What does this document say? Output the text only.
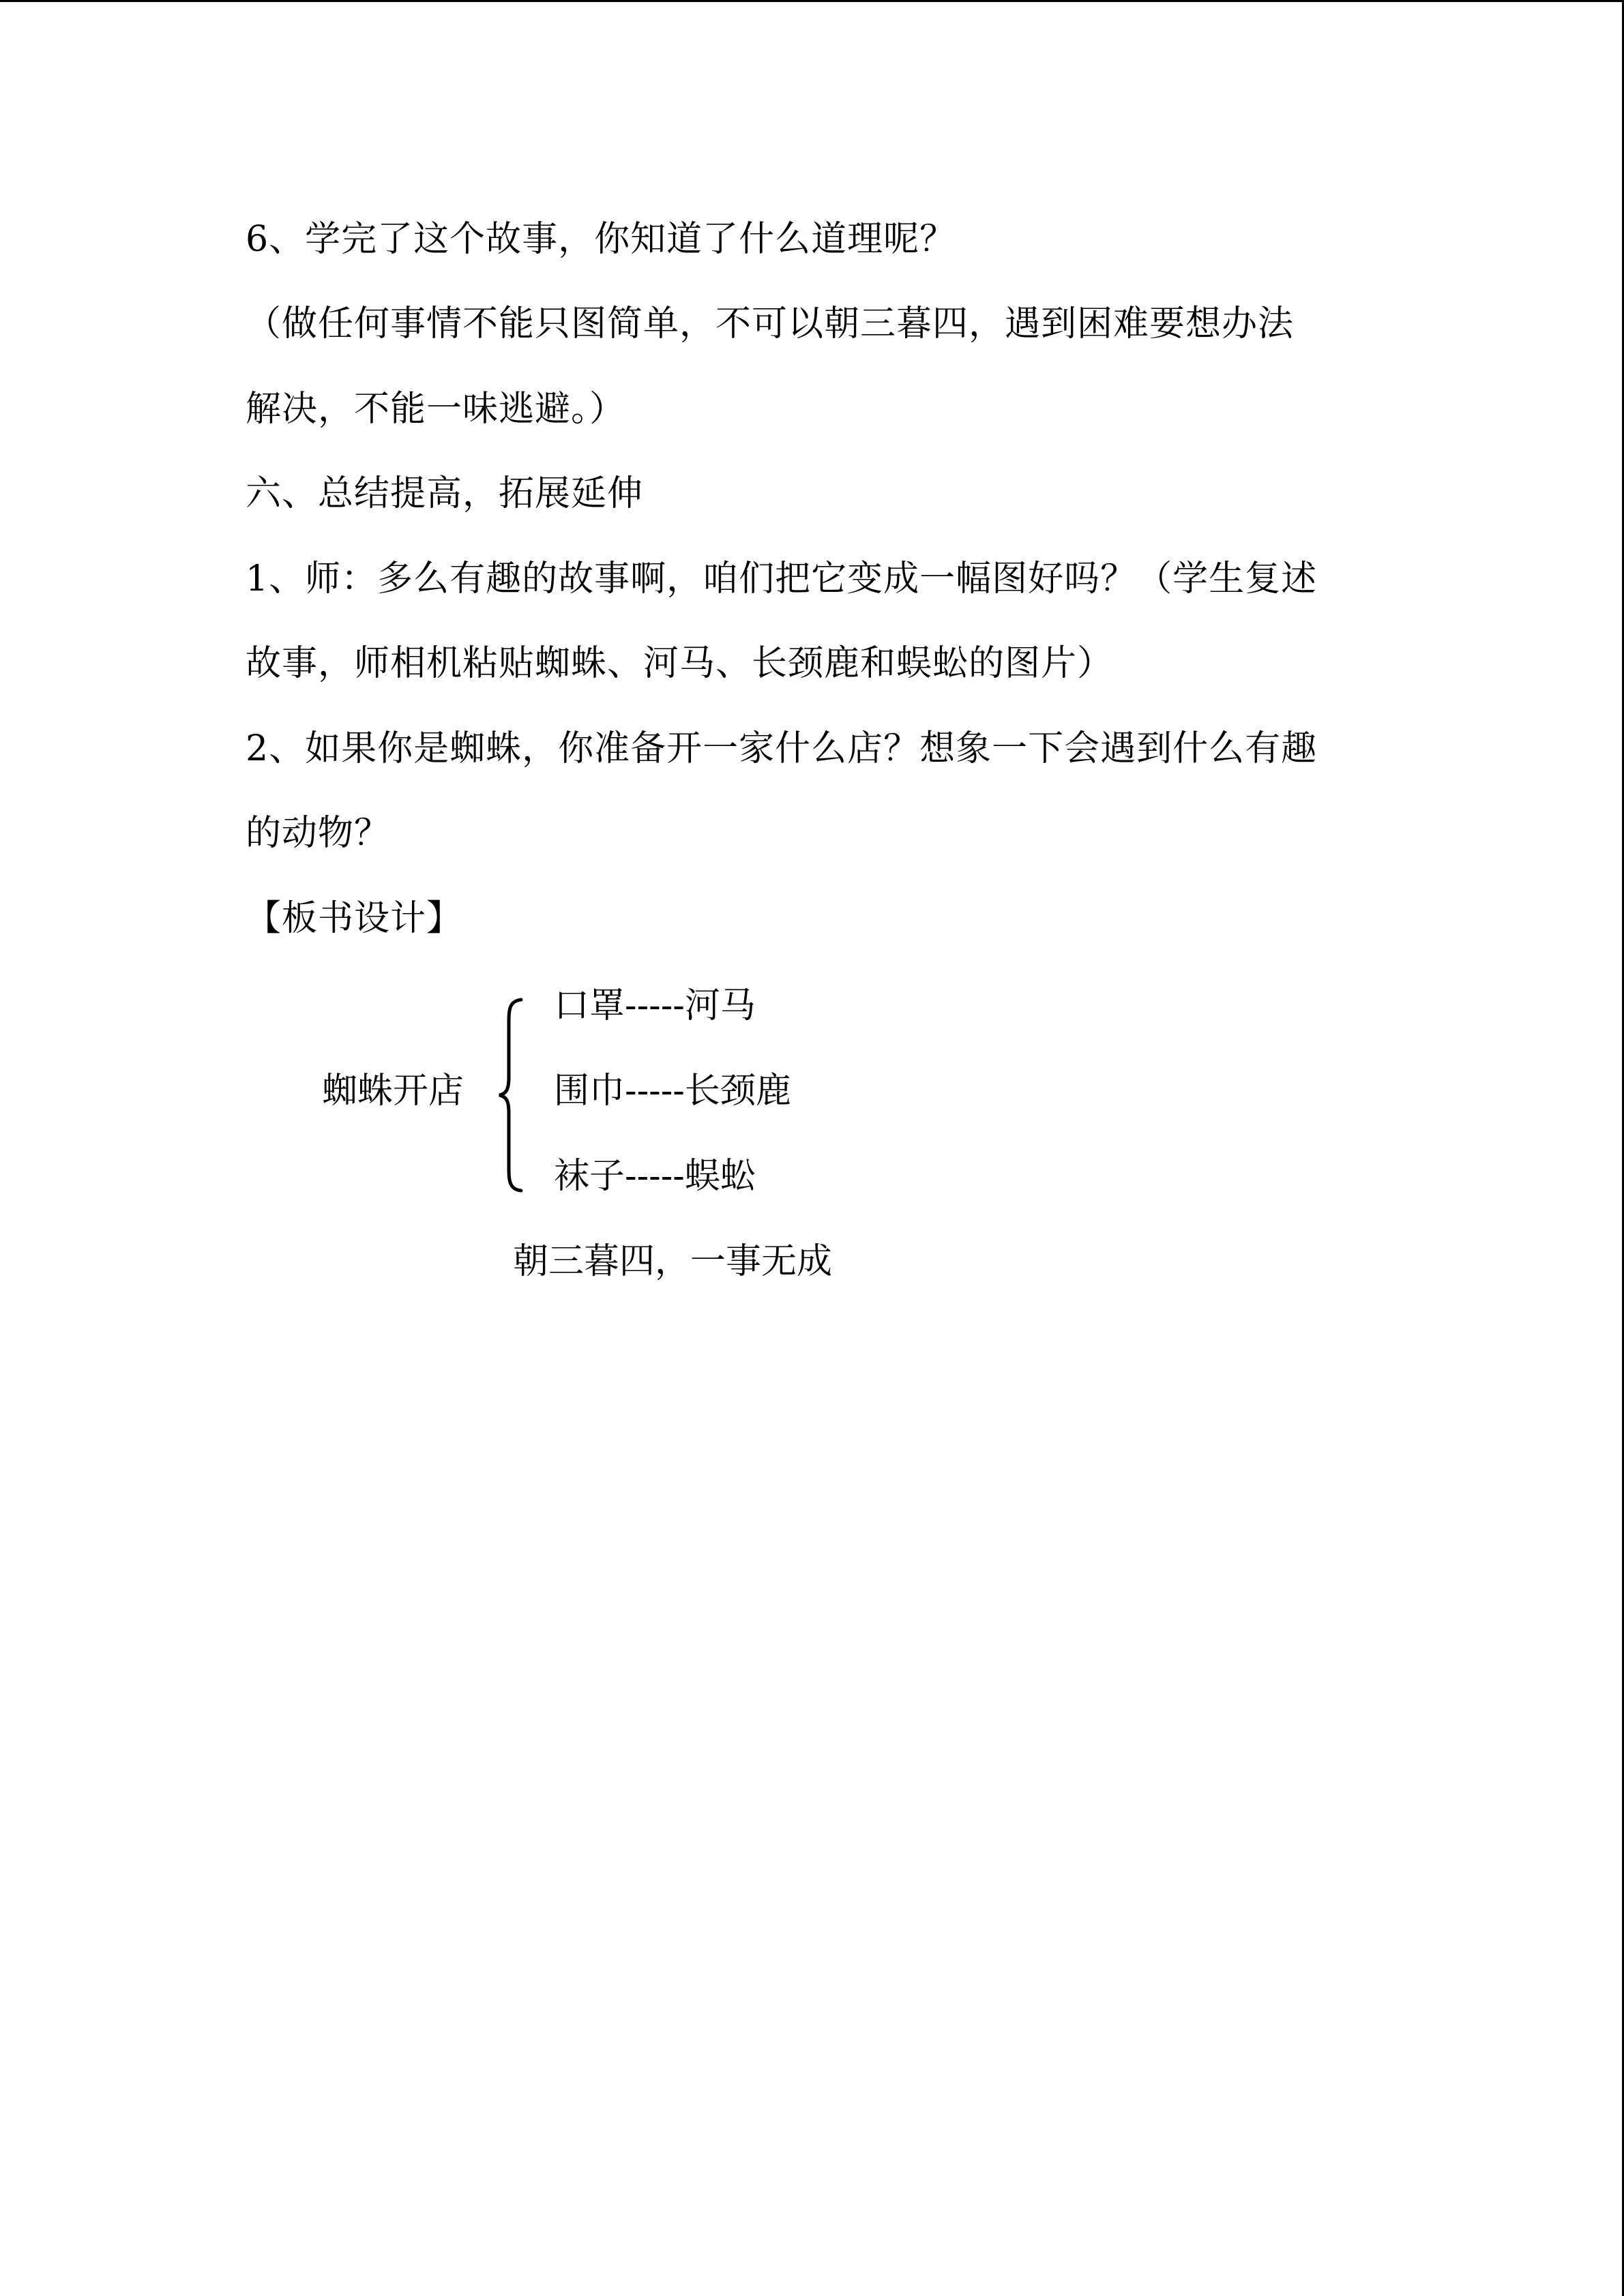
6、学完了这个故事，你知道了什么道理呢？
（做任何事情不能只图简单，不可以朝三暮四，遇到困难要想办法
解决，不能一味逃避。）
六、总结提高，拓展延伸
1、师：多么有趣的故事啊，咱们把它变成一幅图好吗？（学生复述
故事，师相机粘贴蜘蛛、河马、长颈鹿和蜈蚣的图片）
2、如果你是蜘蛛，你准备开一家什么店？想象一下会遇到什么有趣
的动物？
【板书设计】
蜘蛛开店
口罩-----河马
围巾-----长颈鹿
袜子-----蜈蚣
朝三暮四，一事无成
